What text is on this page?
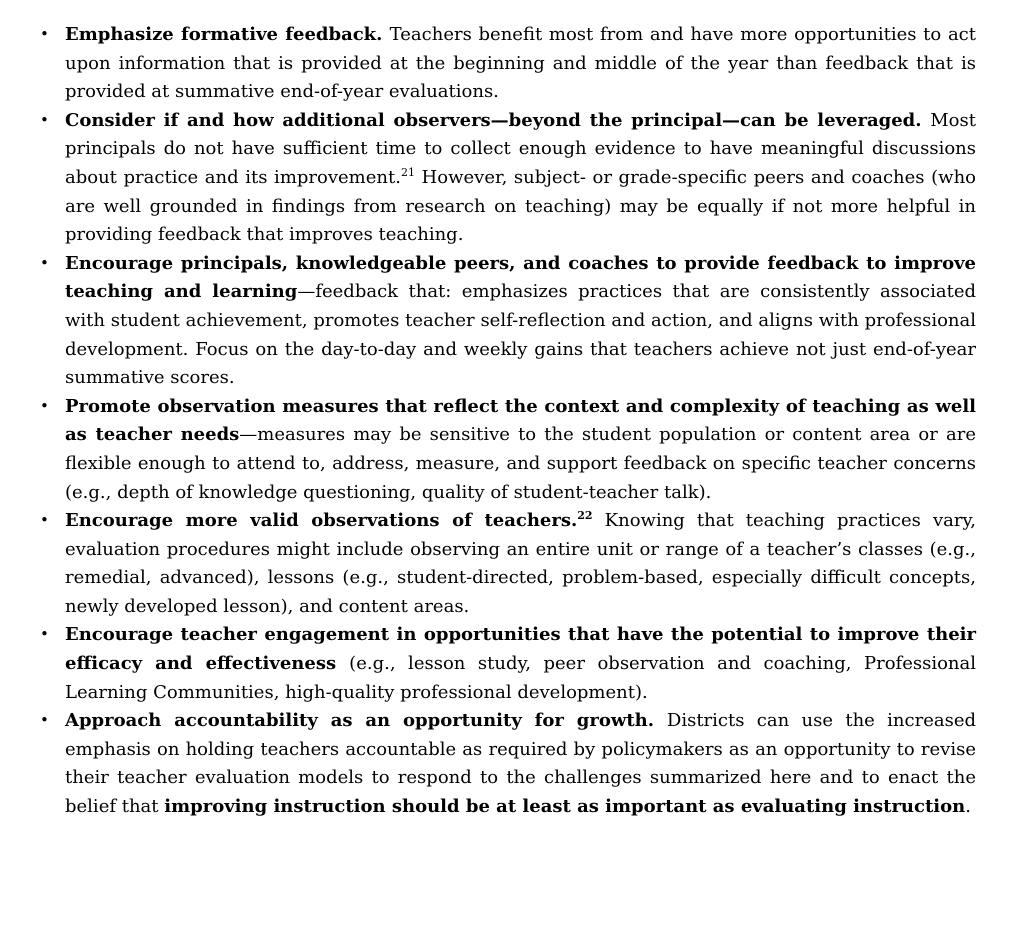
• Emphasize formative feedback. Teachers benefit most from and have more opportunities to act upon information that is provided at the beginning and middle of the year than feedback that is provided at summative end-of-year evaluations.
• Consider if and how additional observers—beyond the principal—can be leveraged. Most principals do not have sufficient time to collect enough evidence to have meaningful discussions about practice and its improvement.$^{21}$ However, subject- or grade-specific peers and coaches (who are well grounded in findings from research on teaching) may be equally if not more helpful in providing feedback that improves teaching.
• Encourage principals, knowledgeable peers, and coaches to provide feedback to improve teaching and learning—feedback that: emphasizes practices that are consistently associated with student achievement, promotes teacher self-reflection and action, and aligns with professional development. Focus on the day-to-day and weekly gains that teachers achieve not just end-of-year summative scores.
• Promote observation measures that reflect the context and complexity of teaching as well as teacher needs—measures may be sensitive to the student population or content area or are flexible enough to attend to, address, measure, and support feedback on specific teacher concerns (e.g., depth of knowledge questioning, quality of student-teacher talk).
• Encourage more valid observations of teachers.$^{22}$ Knowing that teaching practices vary, evaluation procedures might include observing an entire unit or range of a teacher’s classes (e.g., remedial, advanced), lessons (e.g., student-directed, problem-based, especially difficult concepts, newly developed lesson), and content areas.
• Encourage teacher engagement in opportunities that have the potential to improve their efficacy and effectiveness (e.g., lesson study, peer observation and coaching, Professional Learning Communities, high-quality professional development).
• Approach accountability as an opportunity for growth. Districts can use the increased emphasis on holding teachers accountable as required by policymakers as an opportunity to revise their teacher evaluation models to respond to the challenges summarized here and to enact the belief that improving instruction should be at least as important as evaluating instruction.
